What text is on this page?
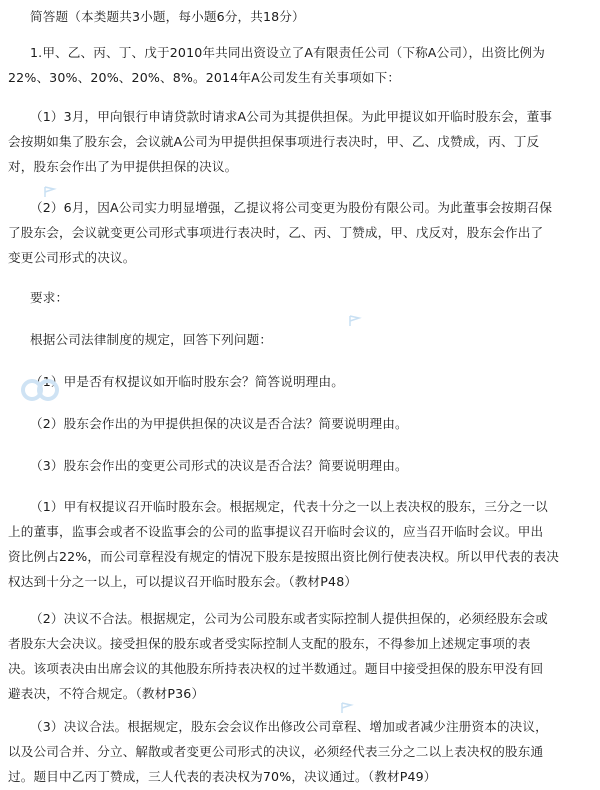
简答题（本类题共3小题，每小题6分，共18分）
1.甲、乙、丙、丁、戊于2010年共同出资设立了A有限责任公司（下称A公司），出资比例为
22%、30%、20%、20%、8%。2014年A公司发生有关事项如下：
（1）3月，甲向银行申请贷款时请求A公司为其提供担保。为此甲提议如开临时股东会，董事
会按期如集了股东会，会议就A公司为甲提供担保事项进行表决时，甲、乙、戊赞成，丙、丁反
对，股东会作出了为甲提供担保的决议。
（2）6月，因A公司实力明显增强，乙提议将公司变更为股份有限公司。为此董事会按期召保
了股东会，会议就变更公司形式事项进行表决时，乙、丙、丁赞成，甲、戊反对，股东会作出了
变更公司形式的决议。
要求：
根据公司法律制度的规定，回答下列问题：
（1）甲是否有权提议如开临时股东会？简答说明理由。
（2）股东会作出的为甲提供担保的决议是否合法？简要说明理由。
（3）股东会作出的变更公司形式的决议是否合法？简要说明理由。
（1）甲有权提议召开临时股东会。根据规定，代表十分之一以上表决权的股东，三分之一以
上的董事，监事会或者不设监事会的公司的监事提议召开临时会议的，应当召开临时会议。甲出
资比例占22%，而公司章程没有规定的情况下股东是按照出资比例行使表决权。所以甲代表的表决
权达到十分之一以上，可以提议召开临时股东会。（教材P48）
（2）决议不合法。根据规定，公司为公司股东或者实际控制人提供担保的，必须经股东会或
者股东大会决议。接受担保的股东或者受实际控制人支配的股东，不得参加上述规定事项的表
决。该项表决由出席会议的其他股东所持表决权的过半数通过。题目中接受担保的股东甲没有回
避表决，不符合规定。（教材P36）
（3）决议合法。根据规定，股东会会议作出修改公司章程、增加或者减少注册资本的决议，
以及公司合并、分立、解散或者变更公司形式的决议，必须经代表三分之二以上表决权的股东通
过。题目中乙丙丁赞成，三人代表的表决权为70%，决议通过。（教材P49）
